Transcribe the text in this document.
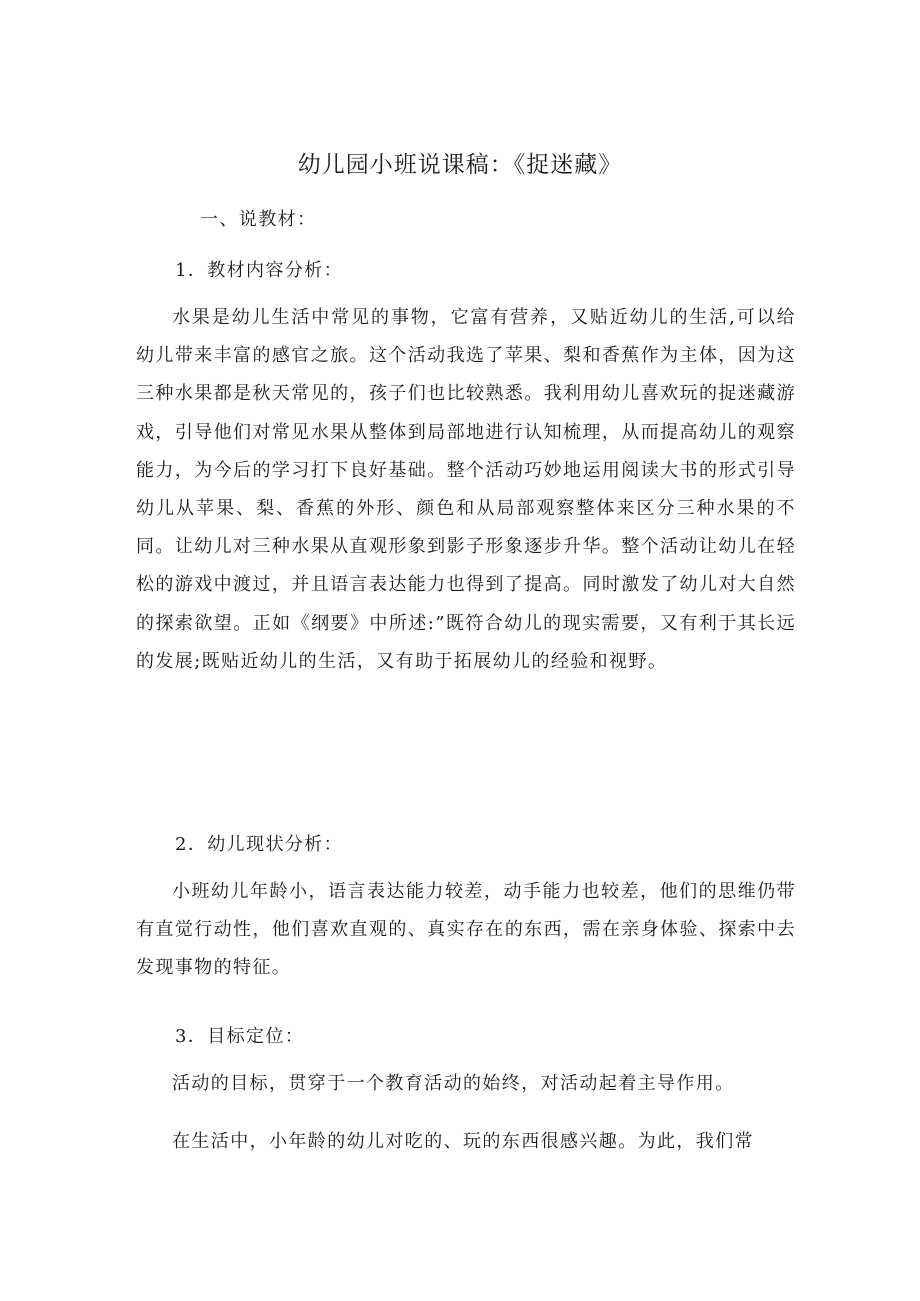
幼儿园小班说课稿：《捉迷藏》
一、说教材：
1．教材内容分析：

水果是幼儿生活中常见的事物，它富有营养，又贴近幼儿的生活,可以给幼儿带来丰富的感官之旅。这个活动我选了苹果、梨和香蕉作为主体，因为这三种水果都是秋天常见的，孩子们也比较熟悉。我利用幼儿喜欢玩的捉迷藏游戏，引导他们对常见水果从整体到局部地进行认知梳理，从而提高幼儿的观察能力，为今后的学习打下良好基础。整个活动巧妙地运用阅读大书的形式引导幼儿从苹果、梨、香蕉的外形、颜色和从局部观察整体来区分三种水果的不同。让幼儿对三种水果从直观形象到影子形象逐步升华。整个活动让幼儿在轻松的游戏中渡过，并且语言表达能力也得到了提高。同时激发了幼儿对大自然的探索欲望。正如《纲要》中所述:”既符合幼儿的现实需要，又有利于其长远的发展;既贴近幼儿的生活，又有助于拓展幼儿的经验和视野。

2．幼儿现状分析：

小班幼儿年龄小，语言表达能力较差，动手能力也较差，他们的思维仍带有直觉行动性，他们喜欢直观的、真实存在的东西，需在亲身体验、探索中去发现事物的特征。

3．目标定位：

活动的目标，贯穿于一个教育活动的始终，对活动起着主导作用。

在生活中，小年龄的幼儿对吃的、玩的东西很感兴趣。为此，我们常
